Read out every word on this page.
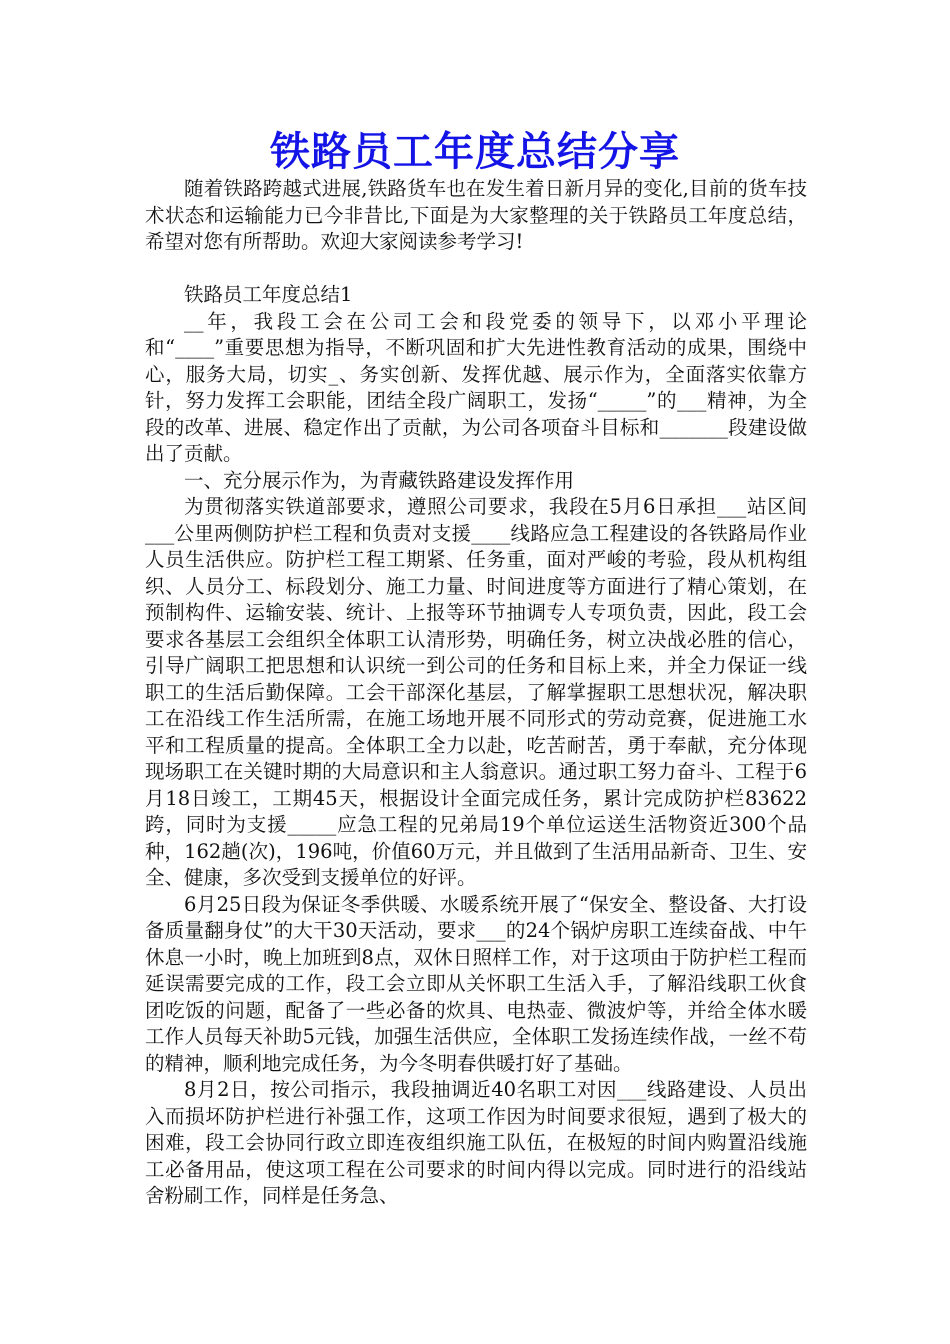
铁路员工年度总结分享

随着铁路跨越式进展,铁路货车也在发生着日新月异的变化,目前的货车技术状态和运输能力已今非昔比,下面是为大家整理的关于铁路员工年度总结，希望对您有所帮助。欢迎大家阅读参考学习!

铁路员工年度总结1

__年，我段工会在公司工会和段党委的领导下，以邓小平理论和“____”重要思想为指导，不断巩固和扩大先进性教育活动的成果，围绕中心，服务大局，切实_、务实创新、发挥优越、展示作为，全面落实依靠方针，努力发挥工会职能，团结全段广阔职工，发扬“_____”的___精神，为全段的改革、进展、稳定作出了贡献，为公司各项奋斗目标和_______段建设做出了贡献。

一、充分展示作为，为青藏铁路建设发挥作用

为贯彻落实铁道部要求，遵照公司要求，我段在5月6日承担___站区间___公里两侧防护栏工程和负责对支援____线路应急工程建设的各铁路局作业人员生活供应。防护栏工程工期紧、任务重，面对严峻的考验，段从机构组织、人员分工、标段划分、施工力量、时间进度等方面进行了精心策划，在预制构件、运输安装、统计、上报等环节抽调专人专项负责，因此，段工会要求各基层工会组织全体职工认清形势，明确任务，树立决战必胜的信心，引导广阔职工把思想和认识统一到公司的任务和目标上来，并全力保证一线职工的生活后勤保障。工会干部深化基层，了解掌握职工思想状况，解决职工在沿线工作生活所需，在施工场地开展不同形式的劳动竞赛，促进施工水平和工程质量的提高。全体职工全力以赴，吃苦耐苦，勇于奉献，充分体现现场职工在关键时期的大局意识和主人翁意识。通过职工努力奋斗、工程于6月18日竣工，工期45天，根据设计全面完成任务，累计完成防护栏83622跨，同时为支援_____应急工程的兄弟局19个单位运送生活物资近300个品种，162趟(次)，196吨，价值60万元，并且做到了生活用品新奇、卫生、安全、健康，多次受到支援单位的好评。

6月25日段为保证冬季供暖、水暖系统开展了“保安全、整设备、大打设备质量翻身仗”的大干30天活动，要求___的24个锅炉房职工连续奋战、中午休息一小时，晚上加班到8点，双休日照样工作，对于这项由于防护栏工程而延误需要完成的工作，段工会立即从关怀职工生活入手，了解沿线职工伙食团吃饭的问题，配备了一些必备的炊具、电热壶、微波炉等，并给全体水暖工作人员每天补助5元钱，加强生活供应，全体职工发扬连续作战，一丝不苟的精神，顺利地完成任务，为今冬明春供暖打好了基础。

8月2日，按公司指示，我段抽调近40名职工对因___线路建设、人员出入而损坏防护栏进行补强工作，这项工作因为时间要求很短，遇到了极大的困难，段工会协同行政立即连夜组织施工队伍，在极短的时间内购置沿线施工必备用品，使这项工程在公司要求的时间内得以完成。同时进行的沿线站舍粉刷工作，同样是任务急、
